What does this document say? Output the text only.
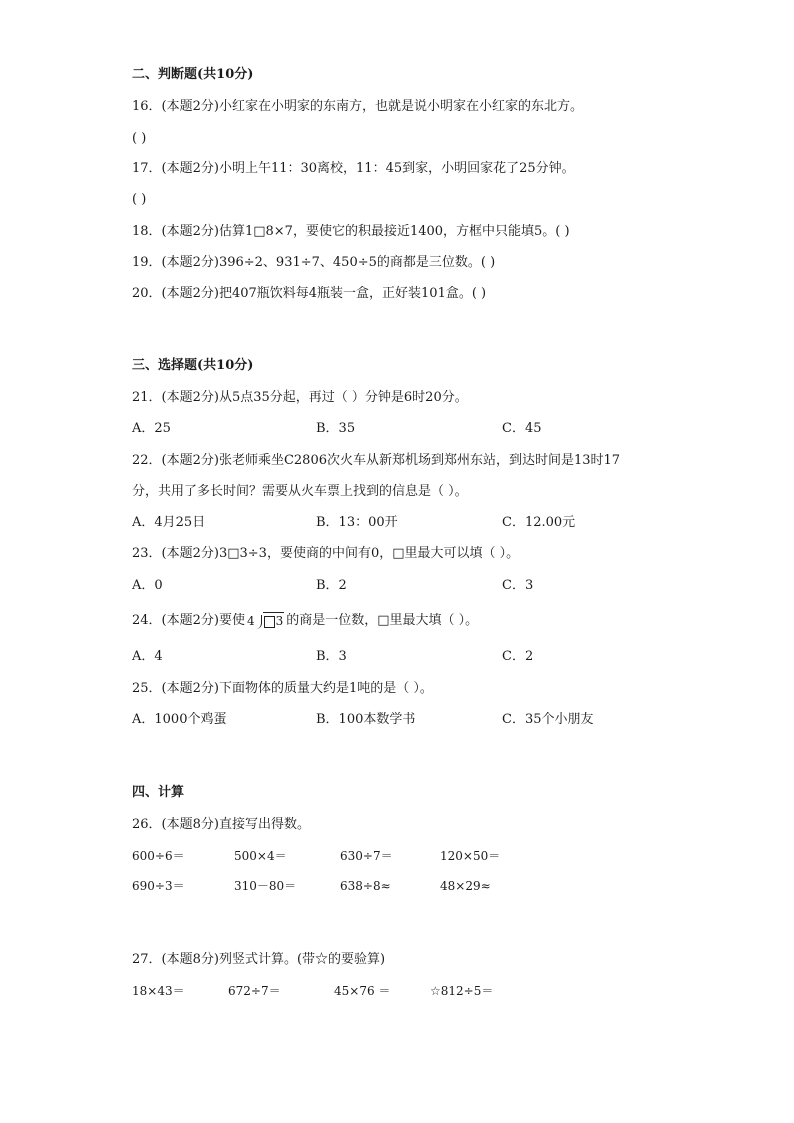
二、判断题(共10分)
16．(本题2分)小红家在小明家的东南方，也就是说小明家在小红家的东北方。
( )
17．(本题2分)小明上午11：30离校，11：45到家，小明回家花了25分钟。
( )
18．(本题2分)估算1□8×7，要使它的积最接近1400，方框中只能填5。( )
19．(本题2分)396÷2、931÷7、450÷5的商都是三位数。( )
20．(本题2分)把407瓶饮料每4瓶装一盒，正好装101盒。( )
三、选择题(共10分)
21．(本题2分)从5点35分起，再过（ ）分钟是6时20分。
A．25	B．35	C．45
22．(本题2分)张老师乘坐C2806次火车从新郑机场到郑州东站，到达时间是13时17
分，共用了多长时间？需要从火车票上找到的信息是（ ）。
A．4月25日	B．13：00开	C．12.00元
23．(本题2分)3□3÷3，要使商的中间有0，□里最大可以填（ ）。
A．0	B．2	C．3
24．(本题2分)要使 4 3 的商是一位数，□里最大填（ ）。
A．4	B．3	C．2
25．(本题2分)下面物体的质量大约是1吨的是（ ）。
A．1000个鸡蛋	B．100本数学书	C．35个小朋友
四、计算
26．(本题8分)直接写出得数。
600÷6＝	500×4＝	630÷7＝	120×50＝
690÷3＝	310－80＝	638÷8≈	48×29≈
27．(本题8分)列竖式计算。(带☆的要验算)
18×43＝	672÷7＝	45×76 ＝	☆812÷5＝
